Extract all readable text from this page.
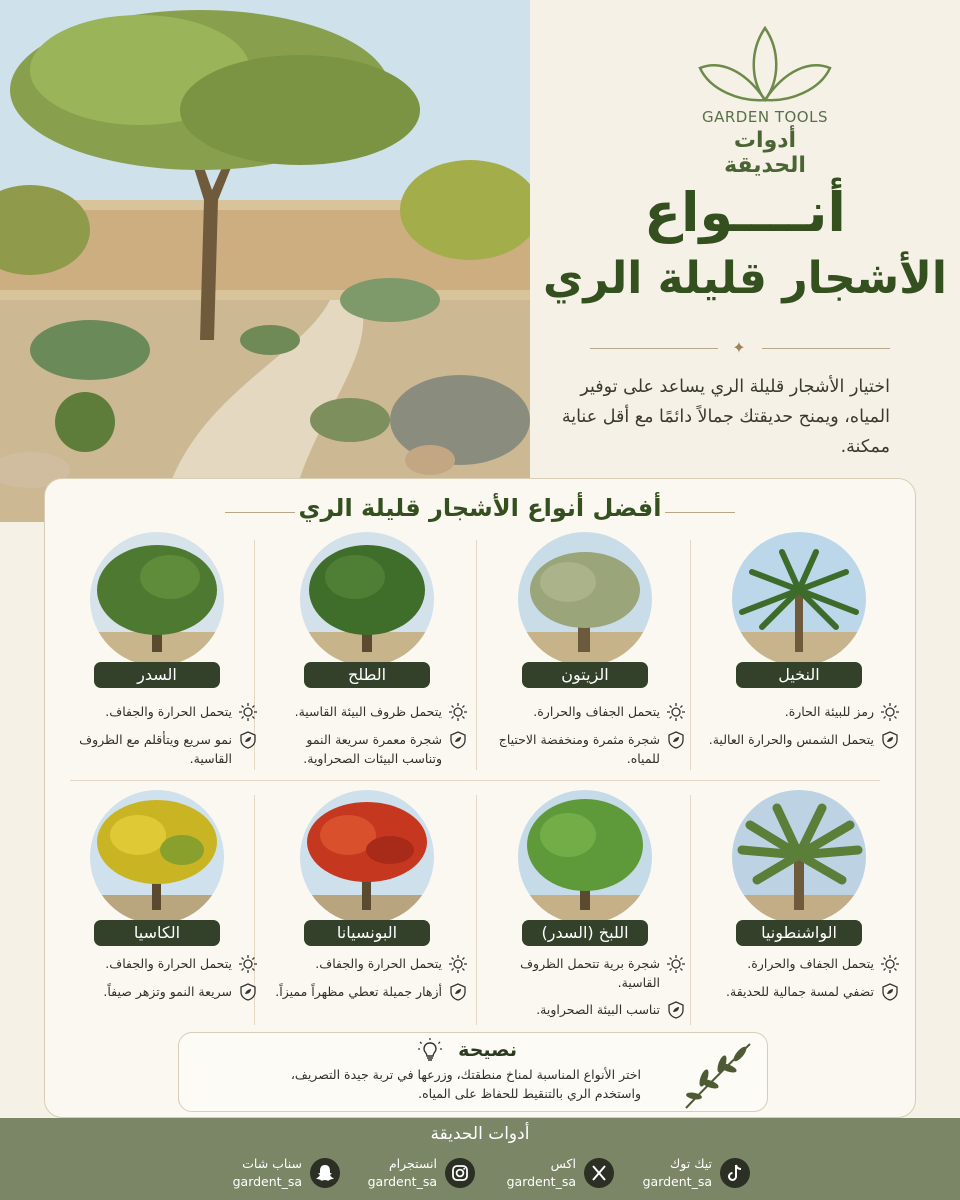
GARDEN TOOLS
أدوات الحديقة
أنــــواع
الأشجار قليلة الري
✦
اختيار الأشجار قليلة الري يساعد على توفير المياه، ويمنح حديقتك جمالاً دائمًا مع أقل عناية ممكنة.
أفضل أنواع الأشجار قليلة الري
النخيل
رمز للبيئة الحارة.
يتحمل الشمس والحرارة العالية.
الزيتون
يتحمل الجفاف والحرارة.
شجرة مثمرة ومنخفضة الاحتياج للمياه.
الطلح
يتحمل ظروف البيئة القاسية.
شجرة معمرة سريعة النمو وتناسب البيئات الصحراوية.
السدر
يتحمل الحرارة والجفاف.
نمو سريع ويتأقلم مع الظروف القاسية.
الواشنطونيا
يتحمل الجفاف والحرارة.
تضفي لمسة جمالية للحديقة.
اللبخ (السدر)
شجرة برية تتحمل الظروف القاسية.
تناسب البيئة الصحراوية.
البونسيانا
يتحمل الحرارة والجفاف.
أزهار جميلة تعطي مظهراً مميزاً.
الكاسيا
يتحمل الحرارة والجفاف.
سريعة النمو وتزهر صيفاً.
نصيحة
اختر الأنواع المناسبة لمناخ منطقتك، وزرعها في تربة جيدة التصريف، واستخدم الري بالتنقيط للحفاظ على المياه.
أدوات الحديقة
سناب شات
gardent_sa
انستجرام
gardent_sa
اكس
gardent_sa
تيك توك
gardent_sa
